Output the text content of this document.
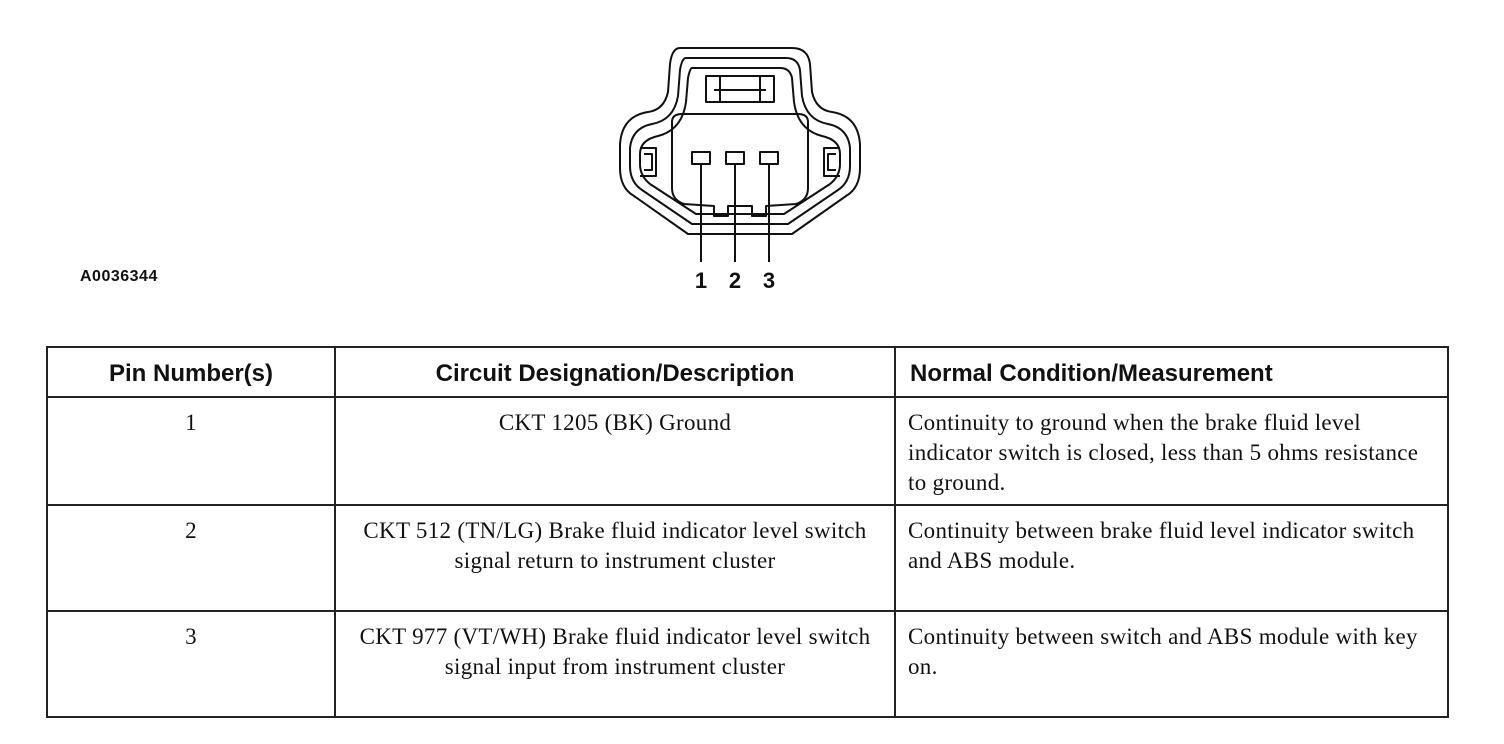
1 2 3
A0036344
Pin Number(s)	Circuit Designation/Description	Normal Condition/Measurement
1	CKT 1205 (BK) Ground	Continuity to ground when the brake fluid level indicator switch is closed, less than 5 ohms resistance to ground.
2	CKT 512 (TN/LG) Brake fluid indicator level switch signal return to instrument cluster	Continuity between brake fluid level indicator switch and ABS module.
3	CKT 977 (VT/WH) Brake fluid indicator level switch signal input from instrument cluster	Continuity between switch and ABS module with key on.
